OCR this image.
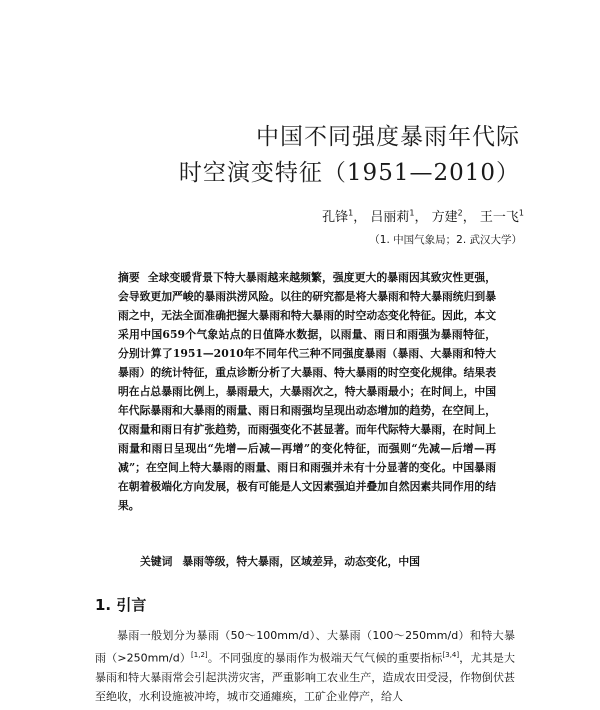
中国不同强度暴雨年代际
时空演变特征（1951—2010）
孔锋$^1$， 吕丽莉$^1$， 方建$^2$， 王一飞$^1$
（1. 中国气象局；2. 武汉大学）
摘要 全球变暖背景下特大暴雨越来越频繁，强度更大的暴雨因其致灾性更强，会导致更加严峻的暴雨洪涝风险。以往的研究都是将大暴雨和特大暴雨统归到暴雨之中，无法全面准确把握大暴雨和特大暴雨的时空动态变化特征。因此，本文采用中国659个气象站点的日值降水数据，以雨量、雨日和雨强为暴雨特征，分别计算了1951—2010年不同年代三种不同强度暴雨（暴雨、大暴雨和特大暴雨）的统计特征，重点诊断分析了大暴雨、特大暴雨的时空变化规律。结果表明在占总暴雨比例上，暴雨最大，大暴雨次之，特大暴雨最小；在时间上，中国年代际暴雨和大暴雨的雨量、雨日和雨强均呈现出动态增加的趋势，在空间上，仅雨量和雨日有扩张趋势，而雨强变化不甚显著。而年代际特大暴雨，在时间上雨量和雨日呈现出“先增—后减—再增”的变化特征，而强则“先减—后增—再减”；在空间上特大暴雨的雨量、雨日和雨强并未有十分显著的变化。中国暴雨在朝着极端化方向发展，极有可能是人文因素强迫并叠加自然因素共同作用的结果。
关键词 暴雨等级，特大暴雨，区域差异，动态变化，中国
1. 引言

暴雨一般划分为暴雨（50～100mm/d）、大暴雨（100～250mm/d）和特大暴雨（>250mm/d）[1,2]。不同强度的暴雨作为极端天气气候的重要指标[3,4]，尤其是大暴雨和特大暴雨常会引起洪涝灾害，严重影响工农业生产，造成农田受浸，作物倒伏甚至绝收，水利设施被冲垮，城市交通瘫痪，工矿企业停产，给人
